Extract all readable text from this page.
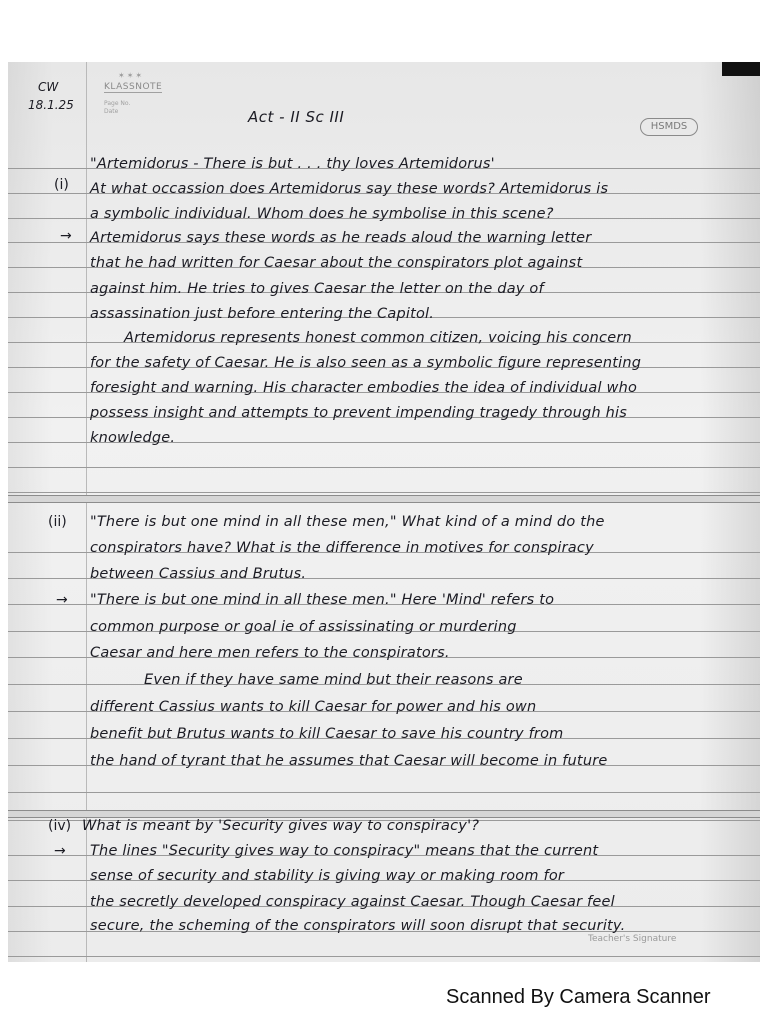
✶✶✶
KLASSNOTE
Page No.
Date
CW
18.1.25
Act - II Sc III
HSMDS
(i)
→
"Artemidorus - There is but . . . thy loves Artemidorus'
At what occassion does Artemidorus say these words? Artemidorus is
a symbolic individual. Whom does he symbolise in this scene?
Artemidorus says these words as he reads aloud the warning letter
that he had written for Caesar about the conspirators plot against
against him. He tries to gives Caesar the letter on the day of
assassination just before entering the Capitol.
Artemidorus represents honest common citizen, voicing his concern
for the safety of Caesar. He is also seen as a symbolic figure representing
foresight and warning. His character embodies the idea of individual who
possess insight and attempts to prevent impending tragedy through his
knowledge.
(ii)
→
"There is but one mind in all these men," What kind of a mind do the
conspirators have? What is the difference in motives for conspiracy
between Cassius and Brutus.
"There is but one mind in all these men." Here 'Mind' refers to
common purpose or goal ie of assissinating or murdering
Caesar and here men refers to the conspirators.
Even if they have same mind but their reasons are
different Cassius wants to kill Caesar for power and his own
benefit but Brutus wants to kill Caesar to save his country from
the hand of tyrant that he assumes that Caesar will become in future
(iv)
→
What is meant by 'Security gives way to conspiracy'?
The lines "Security gives way to conspiracy" means that the current
sense of security and stability is giving way or making room for
the secretly developed conspiracy against Caesar. Though Caesar feel
secure, the scheming of the conspirators will soon disrupt that security.
Teacher's Signature
Scanned By Camera Scanner
